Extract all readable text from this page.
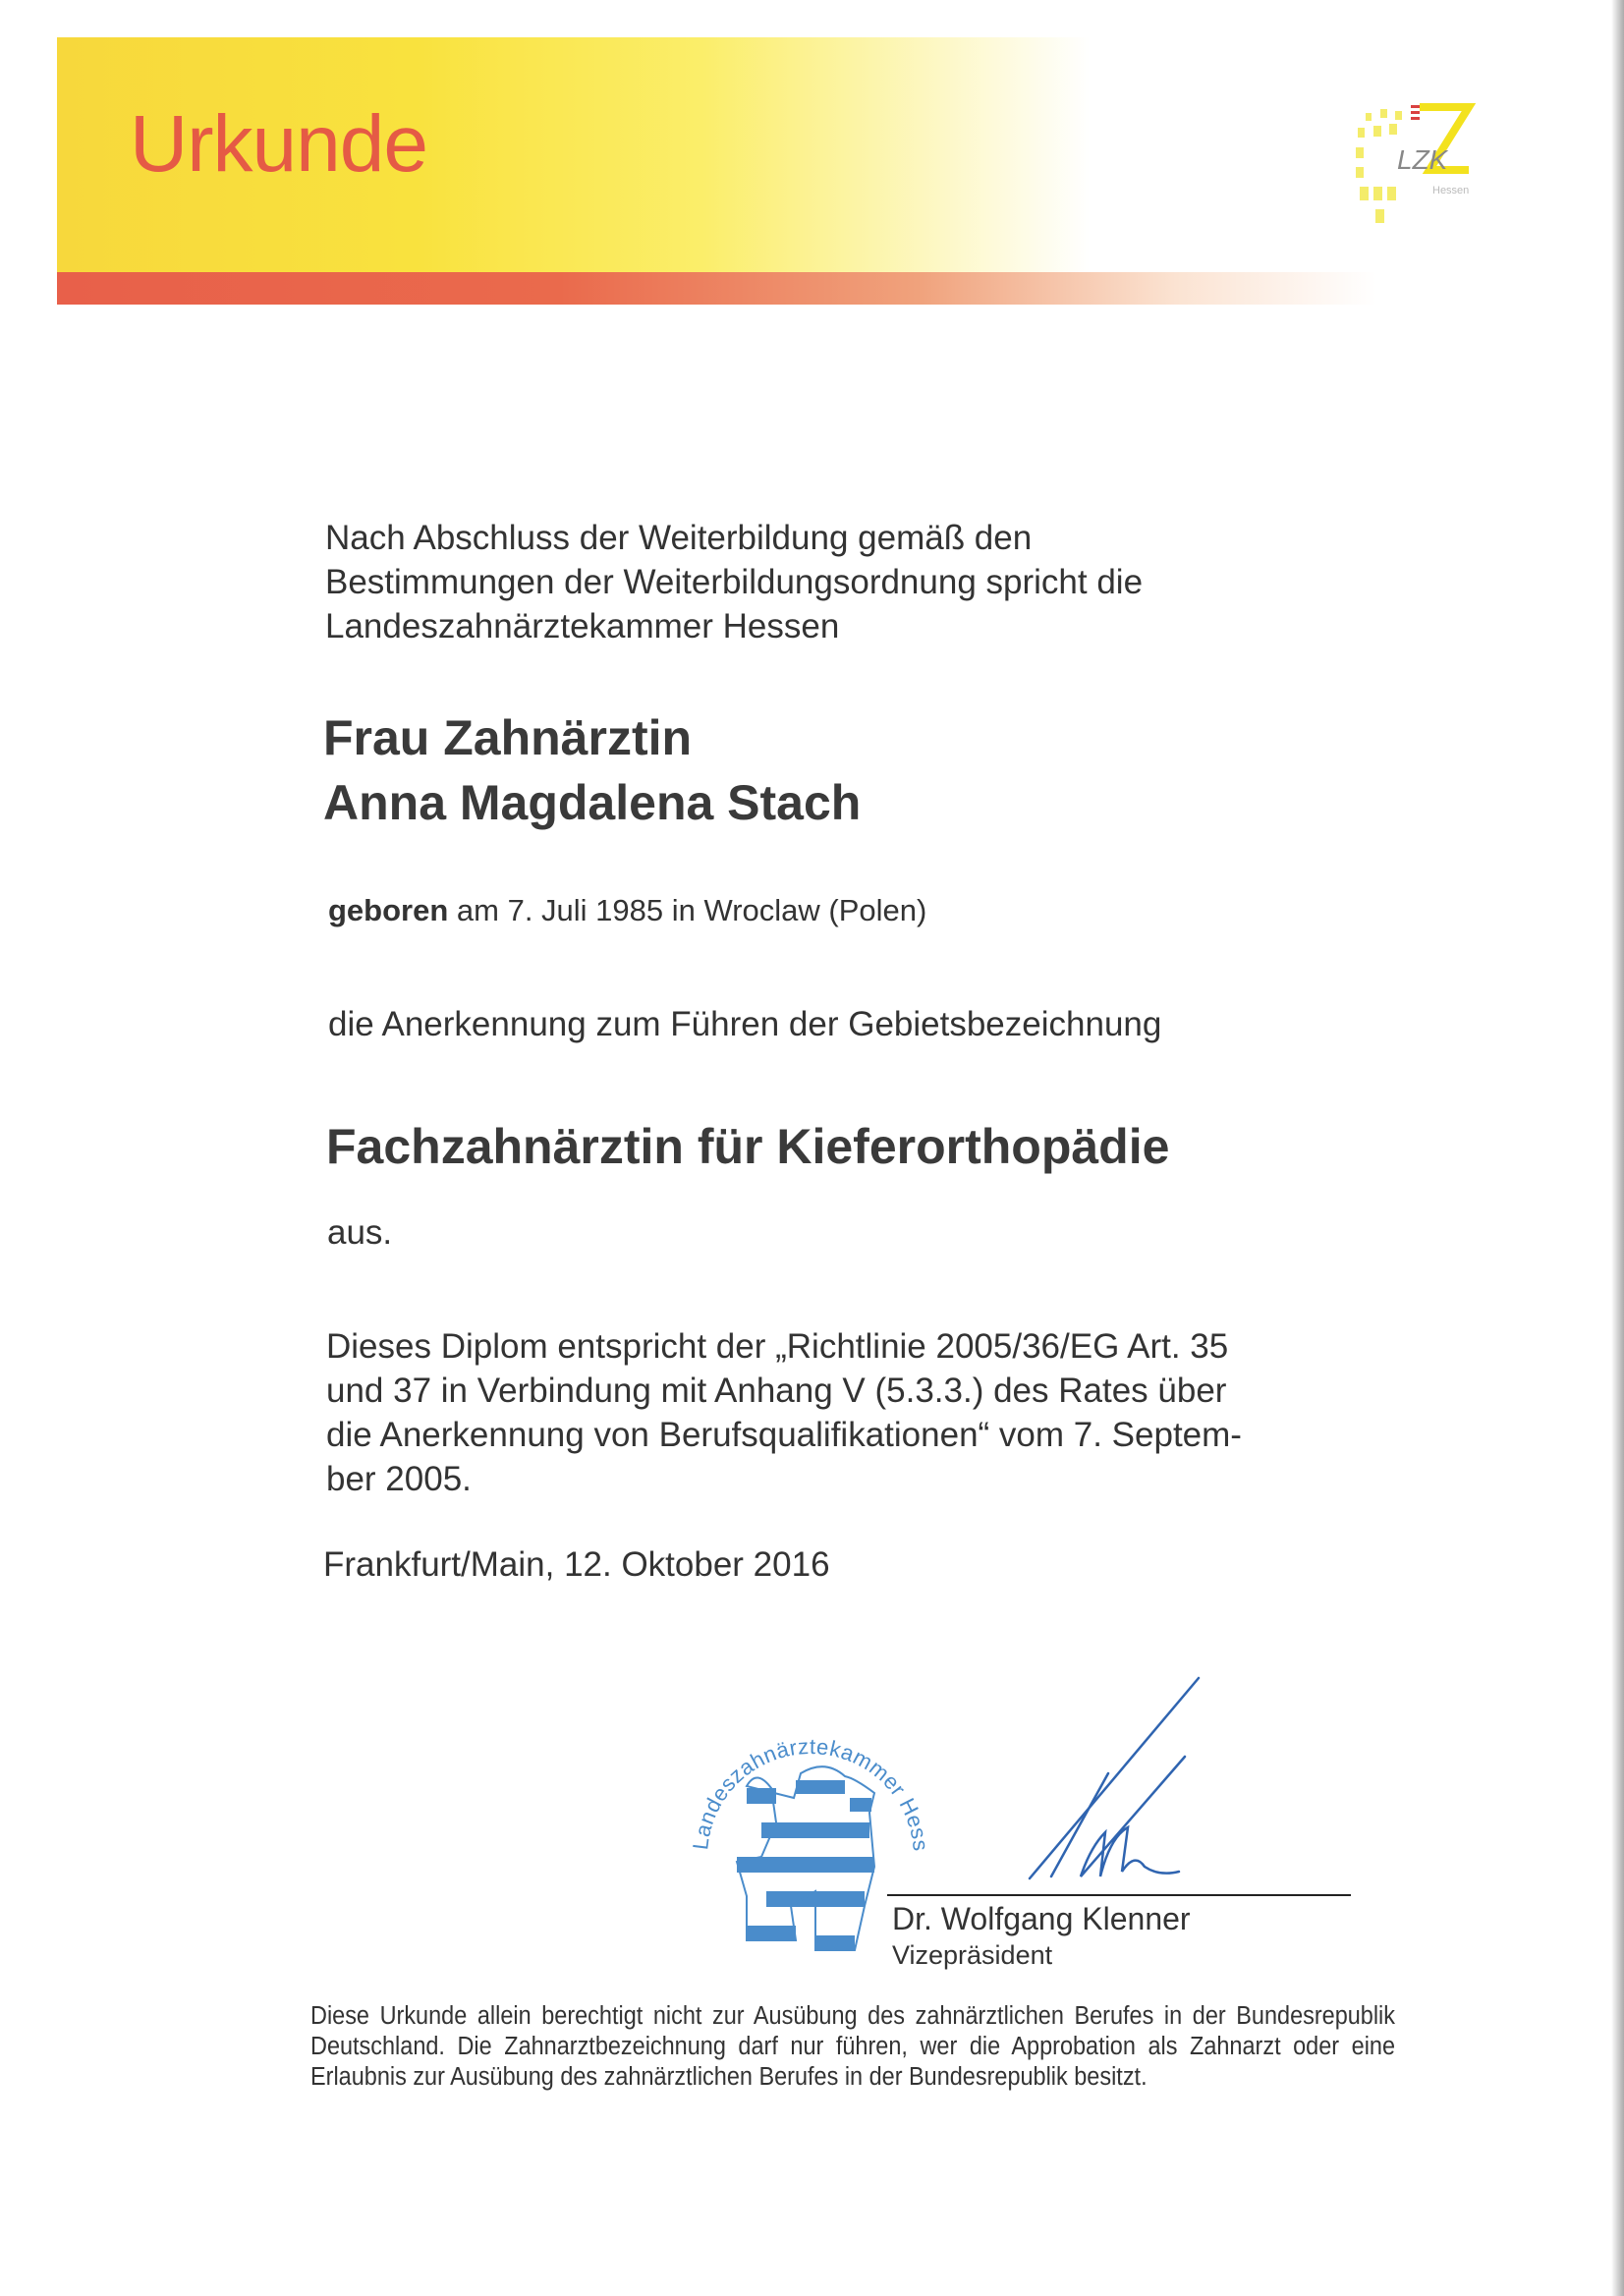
Urkunde	LZK
Hessen
Nach Abschluss der Weiterbildung gemäß den
Bestimmungen der Weiterbildungsordnung spricht die
Landeszahnärztekammer Hessen
Frau Zahnärztin
Anna Magdalena Stach
geboren am 7. Juli 1985 in Wroclaw (Polen)
die Anerkennung zum Führen der Gebietsbezeichnung
Fachzahnärztin für Kieferorthopädie
aus.
Dieses Diplom entspricht der „Richtlinie 2005/36/EG Art. 35
und 37 in Verbindung mit Anhang V (5.3.3.) des Rates über
die Anerkennung von Berufsqualifikationen“ vom 7. Septem-
ber 2005.
Frankfurt/Main, 12. Oktober 2016
Landeszahnärztekammer Hess
Dr. Wolfgang Klenner
Vizepräsident
Diese Urkunde allein berechtigt nicht zur Ausübung des zahnärztlichen Berufes in der Bundesrepublik Deutschland. Die Zahnarztbezeichnung darf nur führen, wer die Approbation als Zahnarzt oder eine Erlaubnis zur Ausübung des zahnärztlichen Berufes in der Bundesrepublik besitzt.
